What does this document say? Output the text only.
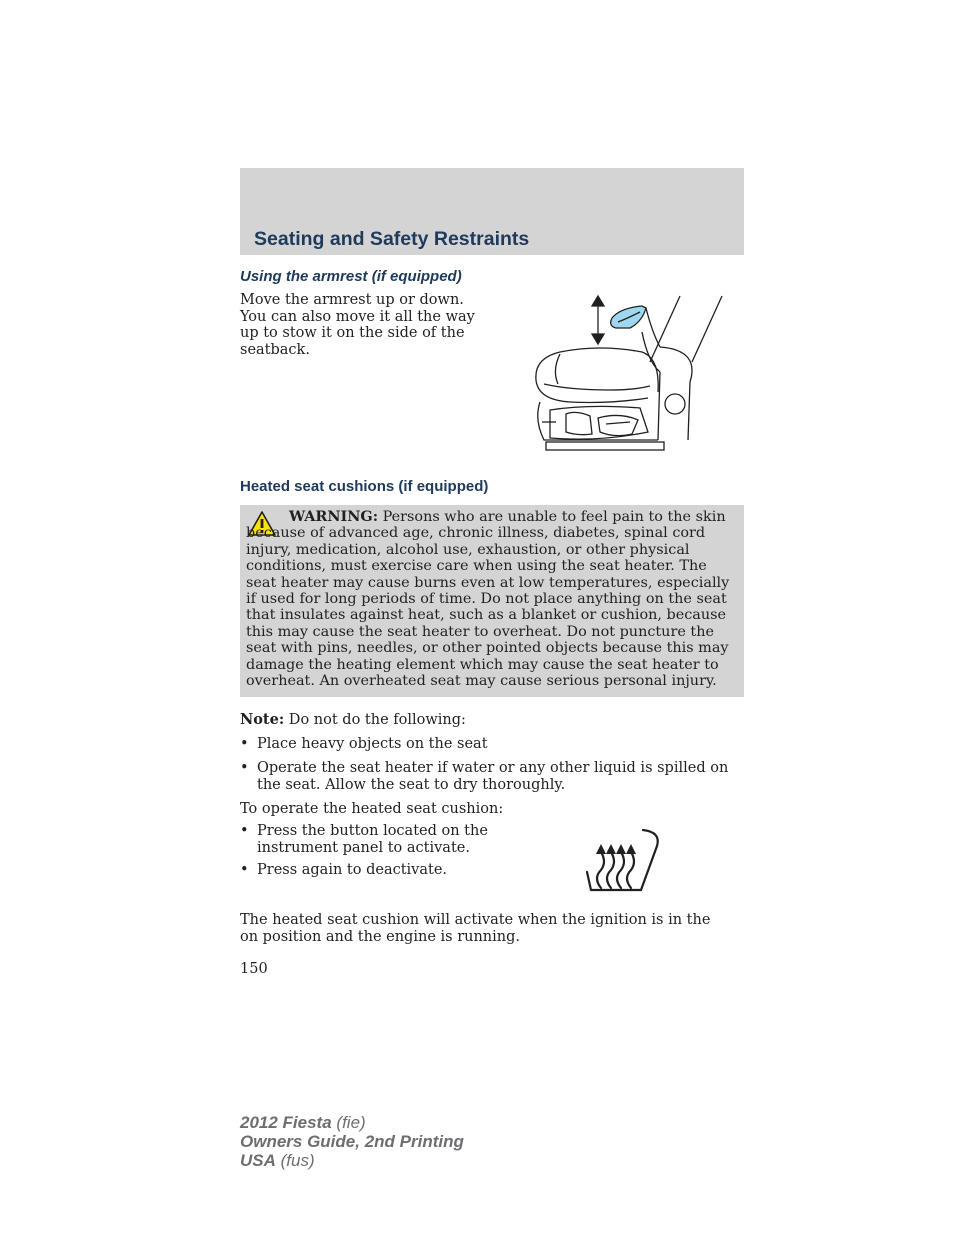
Seating and Safety Restraints
Using the armrest (if equipped)
Move the armrest up or down. You can also move it all the way up to stow it on the side of the seatback.
Heated seat cushions (if equipped)

WARNING: Persons who are unable to feel pain to the skin because of advanced age, chronic illness, diabetes, spinal cord injury, medication, alcohol use, exhaustion, or other physical conditions, must exercise care when using the seat heater. The seat heater may cause burns even at low temperatures, especially if used for long periods of time. Do not place anything on the seat that insulates against heat, such as a blanket or cushion, because this may cause the seat heater to overheat. Do not puncture the seat with pins, needles, or other pointed objects because this may damage the heating element which may cause the seat heater to overheat. An overheated seat may cause serious personal injury.

Note: Do not do the following:
• Place heavy objects on the seat
• Operate the seat heater if water or any other liquid is spilled on the seat. Allow the seat to dry thoroughly.
To operate the heated seat cushion:
• Press the button located on the instrument panel to activate.
• Press again to deactivate.
The heated seat cushion will activate when the ignition is in the on position and the engine is running.
150
2012 Fiesta (fie)
Owners Guide, 2nd Printing
USA (fus)
